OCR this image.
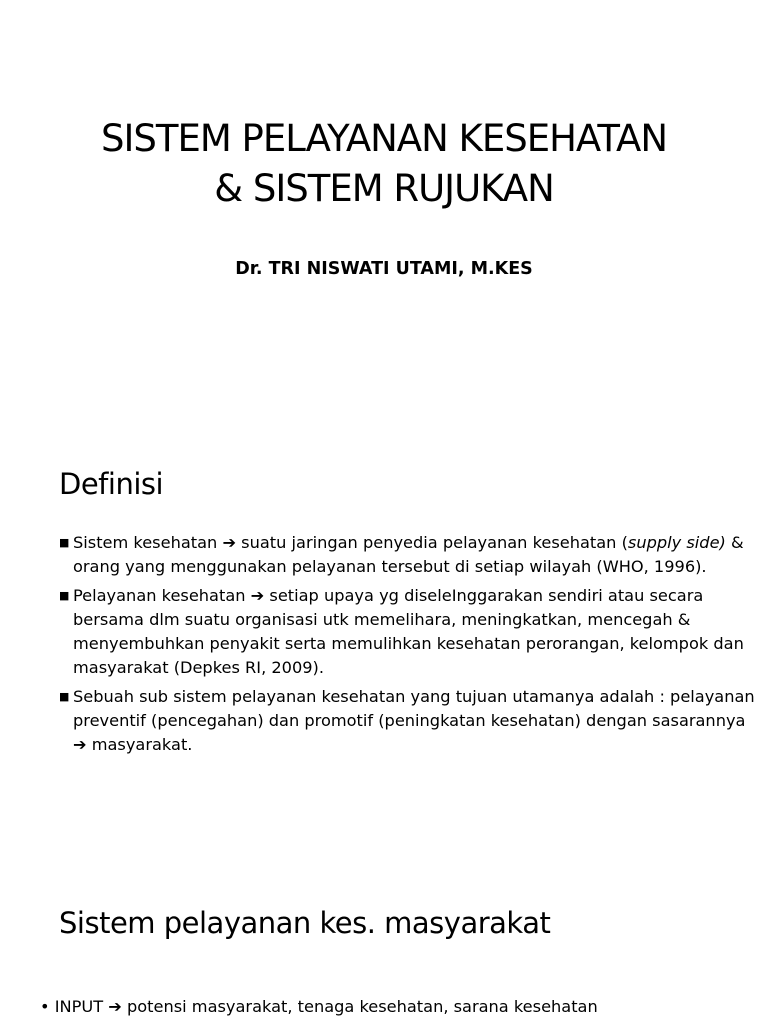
SISTEM PELAYANAN KESEHATAN
& SISTEM RUJUKAN

Dr. TRI NISWATI UTAMI, M.KES

Definisi
■ Sistem kesehatan ➔ suatu jaringan penyedia pelayanan kesehatan (supply side) & orang yang menggunakan pelayanan tersebut di setiap wilayah (WHO, 1996).
■ Pelayanan kesehatan ➔ setiap upaya yg diseleInggarakan sendiri atau secara bersama dlm suatu organisasi utk memelihara, meningkatkan, mencegah & menyembuhkan penyakit serta memulihkan kesehatan perorangan, kelompok dan masyarakat (Depkes RI, 2009).
■ Sebuah sub sistem pelayanan kesehatan yang tujuan utamanya adalah : pelayanan preventif (pencegahan) dan promotif (peningkatan kesehatan) dengan sasarannya ➔ masyarakat.
Sistem pelayanan kes. masyarakat

• INPUT ➔ potensi masyarakat, tenaga kesehatan, sarana kesehatan
